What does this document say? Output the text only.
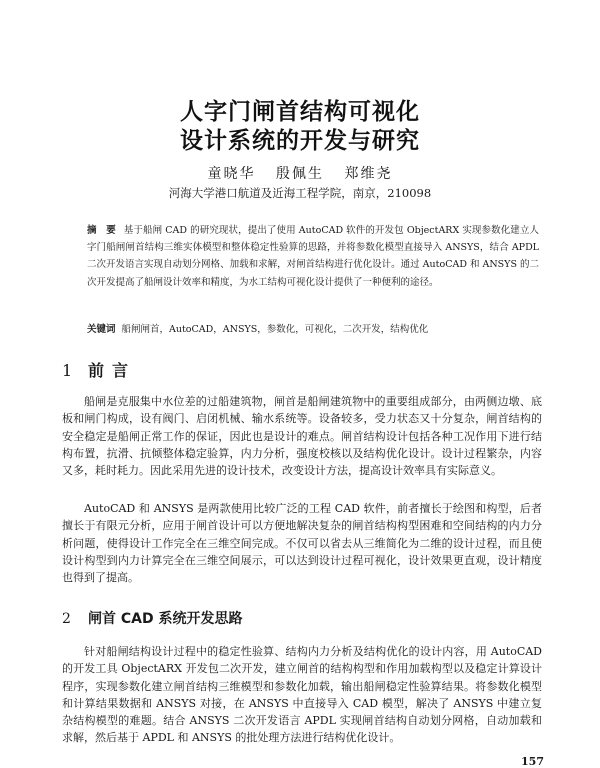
人字门闸首结构可视化
设计系统的开发与研究
童晓华 殷佩生 郑维尧
河海大学港口航道及近海工程学院，南京，210098
摘　要 基于船闸 CAD 的研究现状，提出了使用 AutoCAD 软件的开发包 ObjectARX 实现参数化建立人字门船闸闸首结构三维实体模型和整体稳定性验算的思路，并将参数化模型直接导入 ANSYS，结合 APDL 二次开发语言实现自动划分网格、加载和求解，对闸首结构进行优化设计。通过 AutoCAD 和 ANSYS 的二次开发提高了船闸设计效率和精度，为水工结构可视化设计提供了一种便利的途径。
关键词 船闸闸首，AutoCAD，ANSYS，参数化，可视化，二次开发，结构优化
1 前言
船闸是克服集中水位差的过船建筑物，闸首是船闸建筑物中的重要组成部分，由两侧边墩、底板和闸门构成，设有阀门、启闭机械、输水系统等。设备较多，受力状态又十分复杂，闸首结构的安全稳定是船闸正常工作的保证，因此也是设计的难点。闸首结构设计包括各种工况作用下进行结构布置，抗滑、抗倾整体稳定验算，内力分析，强度校核以及结构优化设计。设计过程繁杂，内容又多，耗时耗力。因此采用先进的设计技术，改变设计方法，提高设计效率具有实际意义。
AutoCAD 和 ANSYS 是两款使用比较广泛的工程 CAD 软件，前者擅长于绘图和构型，后者擅长于有限元分析，应用于闸首设计可以方便地解决复杂的闸首结构构型困难和空间结构的内力分析问题，使得设计工作完全在三维空间完成。不仅可以省去从三维简化为二维的设计过程，而且使设计构型到内力计算完全在三维空间展示，可以达到设计过程可视化，设计效果更直观，设计精度也得到了提高。
2 闸首 CAD 系统开发思路
针对船闸结构设计过程中的稳定性验算、结构内力分析及结构优化的设计内容，用 AutoCAD 的开发工具 ObjectARX 开发包二次开发，建立闸首的结构构型和作用加载构型以及稳定计算设计程序，实现参数化建立闸首结构三维模型和参数化加载，输出船闸稳定性验算结果。将参数化模型和计算结果数据和 ANSYS 对接，在 ANSYS 中直接导入 CAD 模型，解决了 ANSYS 中建立复杂结构模型的难题。结合 ANSYS 二次开发语言 APDL 实现闸首结构自动划分网格，自动加载和求解，然后基于 APDL 和 ANSYS 的批处理方法进行结构优化设计。
157
